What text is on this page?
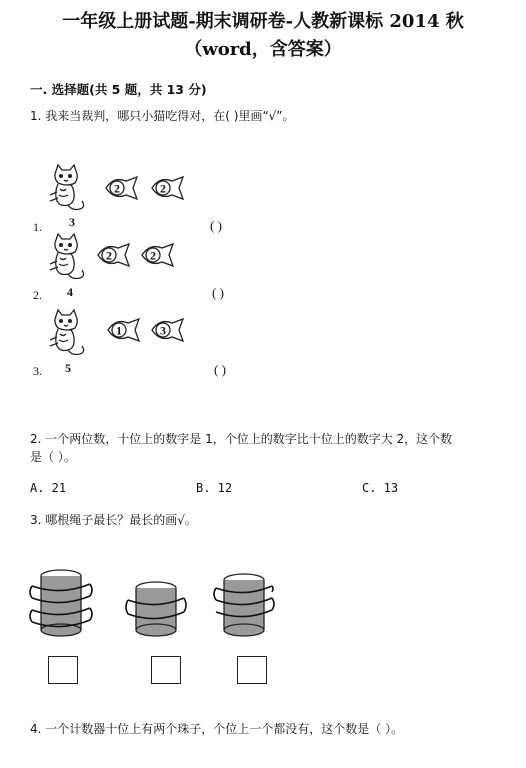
一年级上册试题-期末调研卷-人教新课标 2014 秋
（word，含答案）
一. 选择题(共 5 题，共 13 分)
1. 我来当裁判，哪只小猫吃得对，在( )里画“√”。
3
2	2
1.	( )
4
2	2
2.	( )
5
1	3
3.	( )
2. 一个两位数，十位上的数字是 1，个位上的数字比十位上的数字大 2，这个数
是（ ）。
A. 21	B. 12	C. 13
3. 哪根绳子最长？最长的画√。
4. 一个计数器十位上有两个珠子，个位上一个都没有，这个数是（ ）。
